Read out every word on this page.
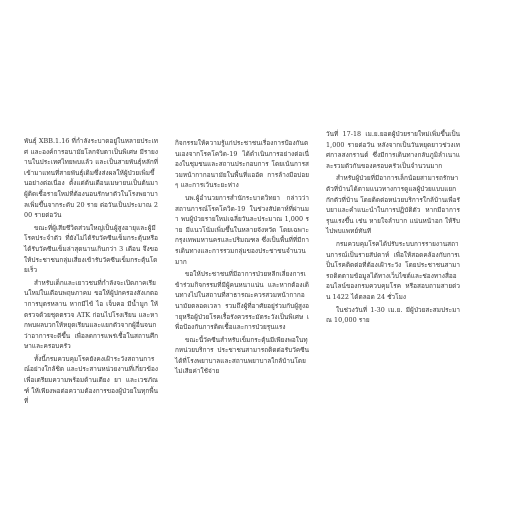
พันธุ์ XBB.1.16 ที่กำลังระบาดอยู่ในหลายประเทศ และองค์การอนามัยโลกจับตาเป็นพิเศษ มีรายงานในประเทศไทยพบแล้ว และเป็นสายพันธุ์หลักที่เข้ามาแทนที่สายพันธุ์เดิมซึ่งส่งผลให้ผู้ป่วยเพิ่มขึ้นอย่างต่อเนื่อง ตั้งแต่ต้นเดือนเมษายนเป็นต้นมา ผู้ติดเชื้อรายใหม่ที่ต้องนอนรักษาตัวในโรงพยาบาลเพิ่มขึ้นจากระดับ 20 ราย ต่อวันเป็นประมาณ 200 รายต่อวัน

ขณะที่ผู้เสียชีวิตส่วนใหญ่เป็นผู้สูงอายุและผู้มีโรคประจำตัว ที่ยังไม่ได้รับวัคซีนเข็มกระตุ้นหรือได้รับวัคซีนเข็มล่าสุดนานเกินกว่า 3 เดือน จึงขอให้ประชาชนกลุ่มเสี่ยงเข้ารับวัคซีนเข็มกระตุ้นโดยเร็ว

สำหรับเด็กและเยาวชนที่กำลังจะเปิดภาคเรียนใหม่ในเดือนพฤษภาคม ขอให้ผู้ปกครองสังเกตอาการบุตรหลาน หากมีไข้ ไอ เจ็บคอ มีน้ำมูก ให้ตรวจด้วยชุดตรวจ ATK ก่อนไปโรงเรียน และหากพบผลบวกให้หยุดเรียนและแยกตัวจากผู้อื่นจนกว่าอาการจะดีขึ้น เพื่อลดการแพร่เชื้อในสถานศึกษาและครอบครัว

ทั้งนี้กรมควบคุมโรคยังคงเฝ้าระวังสถานการณ์อย่างใกล้ชิด และประสานหน่วยงานที่เกี่ยวข้องเพื่อเตรียมความพร้อมด้านเตียง ยา และเวชภัณฑ์ ให้เพียงพอต่อความต้องการของผู้ป่วยในทุกพื้นที่

กิจกรรมให้ความรู้แก่ประชาชนเรื่องการป้องกันตนเองจากโรคโควิด-19 ได้ดำเนินการอย่างต่อเนื่องในชุมชนและสถานประกอบการ โดยเน้นการสวมหน้ากากอนามัยในพื้นที่แออัด การล้างมือบ่อยๆ และการเว้นระยะห่าง

นพ.ผู้อำนวยการสำนักระบาดวิทยา กล่าวว่า สถานการณ์โรคโควิด-19 ในช่วงสัปดาห์ที่ผ่านมา พบผู้ป่วยรายใหม่เฉลี่ยวันละประมาณ 1,000 ราย มีแนวโน้มเพิ่มขึ้นในหลายจังหวัด โดยเฉพาะกรุงเทพมหานครและปริมณฑล ซึ่งเป็นพื้นที่ที่มีการเดินทางและการรวมกลุ่มของประชาชนจำนวนมาก

ขอให้ประชาชนที่มีอาการป่วยหลีกเลี่ยงการเข้าร่วมกิจกรรมที่มีผู้คนหนาแน่น และหากต้องเดินทางไปในสถานที่สาธารณะควรสวมหน้ากากอนามัยตลอดเวลา รวมถึงผู้ที่อาศัยอยู่ร่วมกับผู้สูงอายุหรือผู้ป่วยโรคเรื้อรังควรระมัดระวังเป็นพิเศษ เพื่อป้องกันการติดเชื้อและการป่วยรุนแรง

ขณะนี้วัคซีนสำหรับเข็มกระตุ้นมีเพียงพอในทุกหน่วยบริการ ประชาชนสามารถติดต่อรับวัคซีนได้ที่โรงพยาบาลและสถานพยาบาลใกล้บ้านโดยไม่เสียค่าใช้จ่าย

วันที่ 17-18 เม.ย.ยอดผู้ป่วยรายใหม่เพิ่มขึ้นเป็น 1,000 รายต่อวัน หลังจากเป็นวันหยุดยาวช่วงเทศกาลสงกรานต์ ซึ่งมีการเดินทางกลับภูมิลำเนาและรวมตัวกันของครอบครัวเป็นจำนวนมาก

สำหรับผู้ป่วยที่มีอาการเล็กน้อยสามารถรักษาตัวที่บ้านได้ตามแนวทางการดูแลผู้ป่วยแบบแยกกักตัวที่บ้าน โดยติดต่อหน่วยบริการใกล้บ้านเพื่อรับยาและคำแนะนำในการปฏิบัติตัว หากมีอาการรุนแรงขึ้น เช่น หายใจลำบาก แน่นหน้าอก ให้รีบไปพบแพทย์ทันที

กรมควบคุมโรคได้ปรับระบบการรายงานสถานการณ์เป็นรายสัปดาห์ เพื่อให้สอดคล้องกับการเป็นโรคติดต่อที่ต้องเฝ้าระวัง โดยประชาชนสามารถติดตามข้อมูลได้ทางเว็บไซต์และช่องทางสื่อออนไลน์ของกรมควบคุมโรค หรือสอบถามสายด่วน 1422 ได้ตลอด 24 ชั่วโมง

ในช่วงวันที่ 1-30 เม.ย. มีผู้ป่วยสะสมประมาณ 10,000 ราย
